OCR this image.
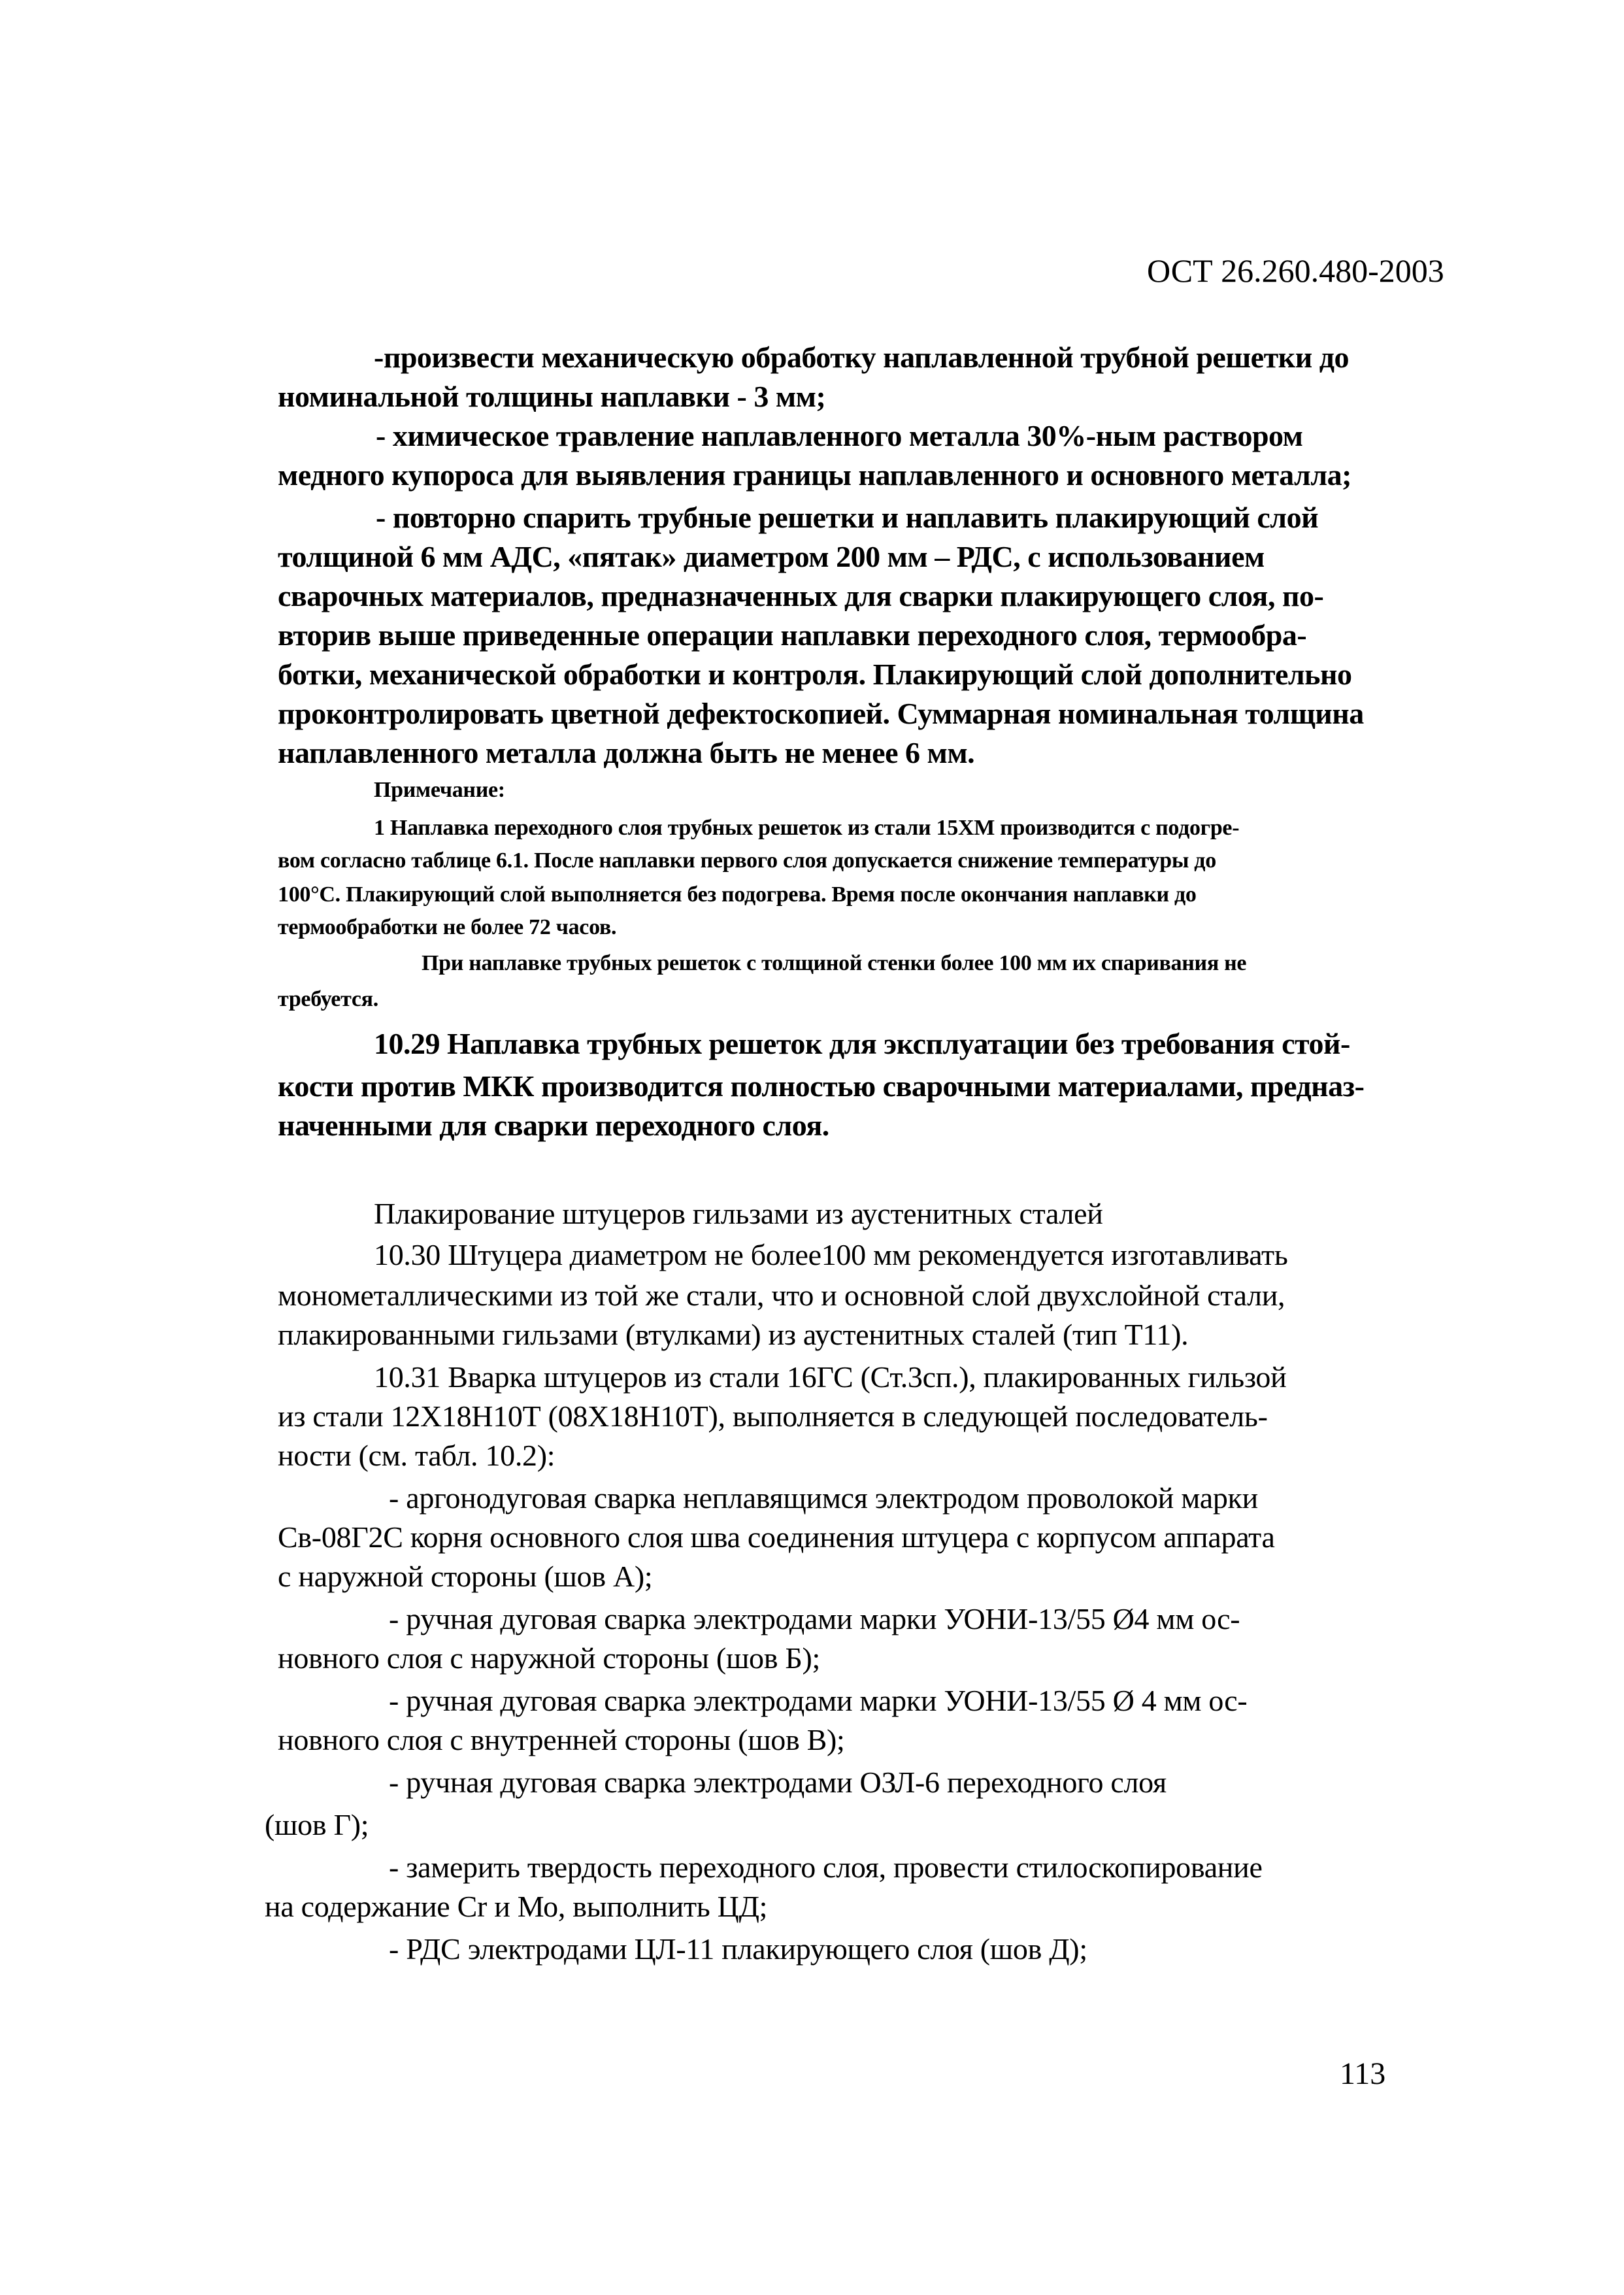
ОСТ 26.260.480-2003
-произвести механическую обработку наплавленной трубной решетки до
номинальной толщины наплавки - 3 мм;
- химическое травление наплавленного металла 30%-ным раствором
медного купороса для выявления границы наплавленного и основного металла;
- повторно спарить трубные решетки и наплавить плакирующий слой
толщиной 6 мм АДС, «пятак» диаметром 200 мм – РДС, с использованием
сварочных материалов, предназначенных для сварки плакирующего слоя, по-
вторив выше приведенные операции наплавки переходного слоя, термообра-
ботки, механической обработки и контроля. Плакирующий слой дополнительно
проконтролировать цветной дефектоскопией. Суммарная номинальная толщина
наплавленного металла должна быть не менее 6 мм.
Примечание:
1 Наплавка переходного слоя трубных решеток из стали 15ХМ производится с подогре-
вом согласно таблице 6.1. После наплавки первого слоя допускается снижение температуры до
100°С. Плакирующий слой выполняется без подогрева. Время после окончания наплавки до
термообработки не более 72 часов.
При наплавке трубных решеток с толщиной стенки более 100 мм их спаривания не
требуется.
10.29 Наплавка трубных решеток для эксплуатации без требования стой-
кости против МКК производится полностью сварочными материалами, предназ-
наченными для сварки переходного слоя.
Плакирование штуцеров гильзами из аустенитных сталей
10.30 Штуцера диаметром не более100 мм рекомендуется изготавливать
монометаллическими из той же стали, что и основной слой двухслойной стали,
плакированными гильзами (втулками) из аустенитных сталей (тип Т11).
10.31 Вварка штуцеров из стали 16ГС (Ст.3сп.), плакированных гильзой
из стали 12Х18Н10Т (08Х18Н10Т), выполняется в следующей последователь-
ности (см. табл. 10.2):
- аргонодуговая сварка неплавящимся электродом проволокой марки
Св-08Г2С корня основного слоя шва соединения штуцера с корпусом аппарата
с наружной стороны (шов А);
- ручная дуговая сварка электродами марки УОНИ-13/55 Ø4 мм ос-
новного слоя с наружной стороны (шов Б);
- ручная дуговая сварка электродами марки УОНИ-13/55 Ø 4 мм ос-
новного слоя с внутренней стороны (шов В);
- ручная дуговая сварка электродами ОЗЛ-6 переходного слоя
(шов Г);
- замерить твердость переходного слоя, провести стилоскопирование
на содержание Сr и Мо, выполнить ЦД;
- РДС электродами ЦЛ-11 плакирующего слоя (шов Д);
113
